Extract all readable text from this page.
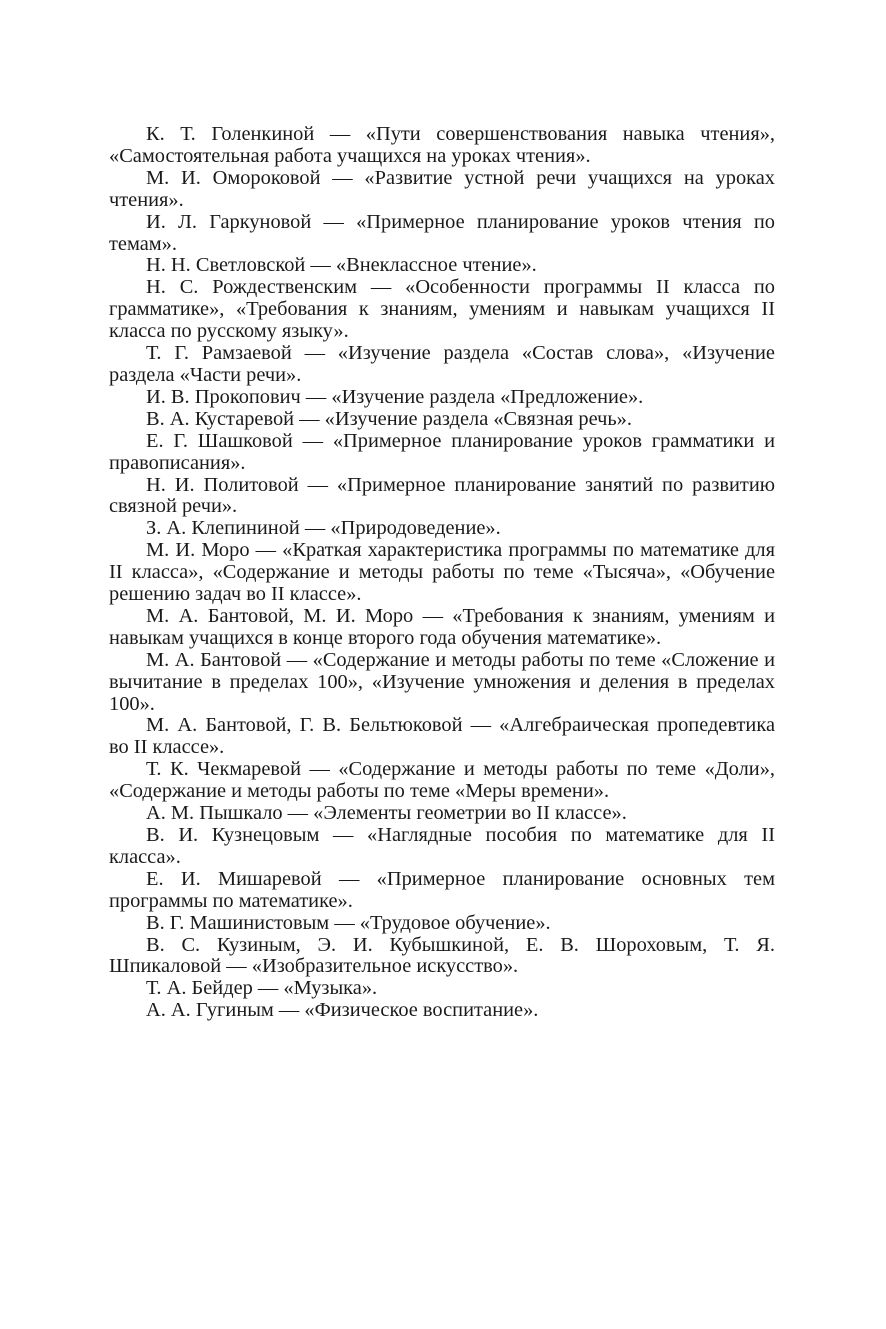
К. Т. Голенкиной — «Пути совершенствования навыка чтения», «Самостоятельная работа учащихся на уроках чтения».

М. И. Омороковой — «Развитие устной речи учащихся на уроках чтения».

И. Л. Гаркуновой — «Примерное планирование уроков чтения по темам».

Н. Н. Светловской — «Внеклассное чтение».

Н. С. Рождественским — «Особенности программы II класса по грамматике», «Требования к знаниям, умениям и навыкам учащихся II класса по русскому языку».

Т. Г. Рамзаевой — «Изучение раздела «Состав слова», «Изучение раздела «Части речи».

И. В. Прокопович — «Изучение раздела «Предложение».

В. А. Кустаревой — «Изучение раздела «Связная речь».

Е. Г. Шашковой — «Примерное планирование уроков грамматики и правописания».

Н. И. Политовой — «Примерное планирование занятий по развитию связной речи».

З. А. Клепининой — «Природоведение».

М. И. Моро — «Краткая характеристика программы по математике для II класса», «Содержание и методы работы по теме «Тысяча», «Обучение решению задач во II классе».

М. А. Бантовой, М. И. Моро — «Требования к знаниям, умениям и навыкам учащихся в конце второго года обучения математике».

М. А. Бантовой — «Содержание и методы работы по теме «Сложение и вычитание в пределах 100», «Изучение умножения и деления в пределах 100».

М. А. Бантовой, Г. В. Бельтюковой — «Алгебраическая пропедевтика во II классе».

Т. К. Чекмаревой — «Содержание и методы работы по теме «Доли», «Содержание и методы работы по теме «Меры времени».

А. М. Пышкало — «Элементы геометрии во II классе».

В. И. Кузнецовым — «Наглядные пособия по математике для II класса».

Е. И. Мишаревой — «Примерное планирование основных тем программы по математике».

В. Г. Машинистовым — «Трудовое обучение».

В. С. Кузиным, Э. И. Кубышкиной, Е. В. Шороховым, Т. Я. Шпикаловой — «Изобразительное искусство».

Т. А. Бейдер — «Музыка».

А. А. Гугиным — «Физическое воспитание».
